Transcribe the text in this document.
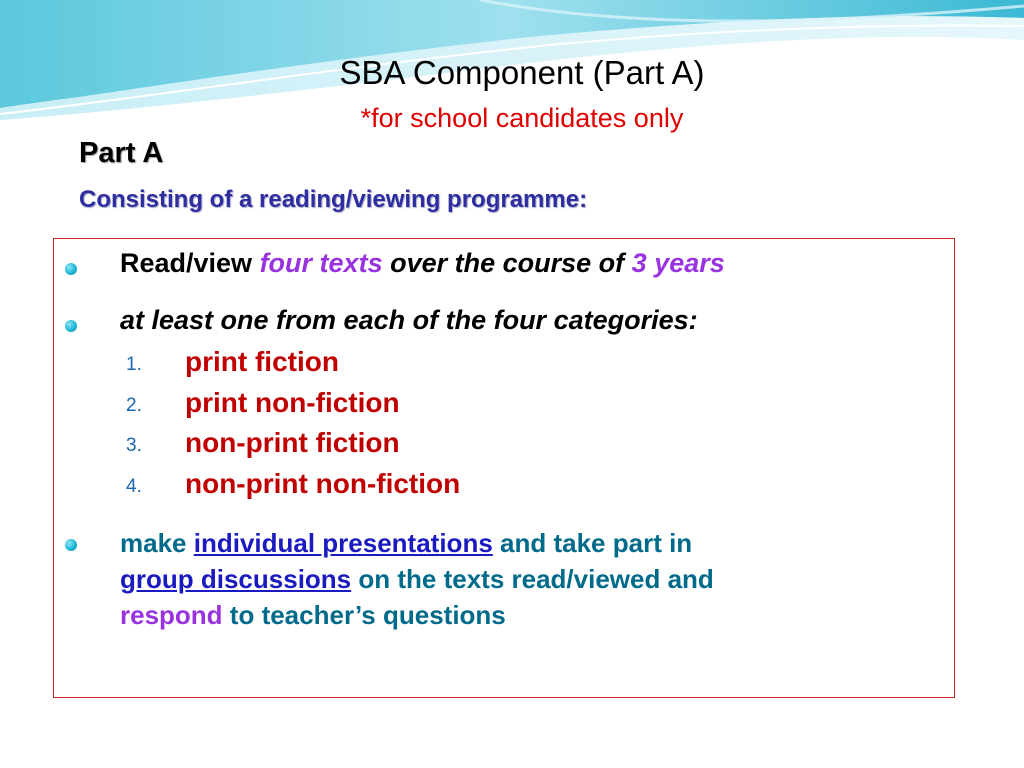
SBA Component (Part A)
*for school candidates only
Part A
Consisting of a reading/viewing programme:
Read/view four texts over the course of 3 years
at least one from each of the four categories:
1. print fiction
2. print non-fiction
3. non-print fiction
4. non-print non-fiction
make individual presentations and take part in
group discussions on the texts read/viewed and
respond to teacher’s questions
